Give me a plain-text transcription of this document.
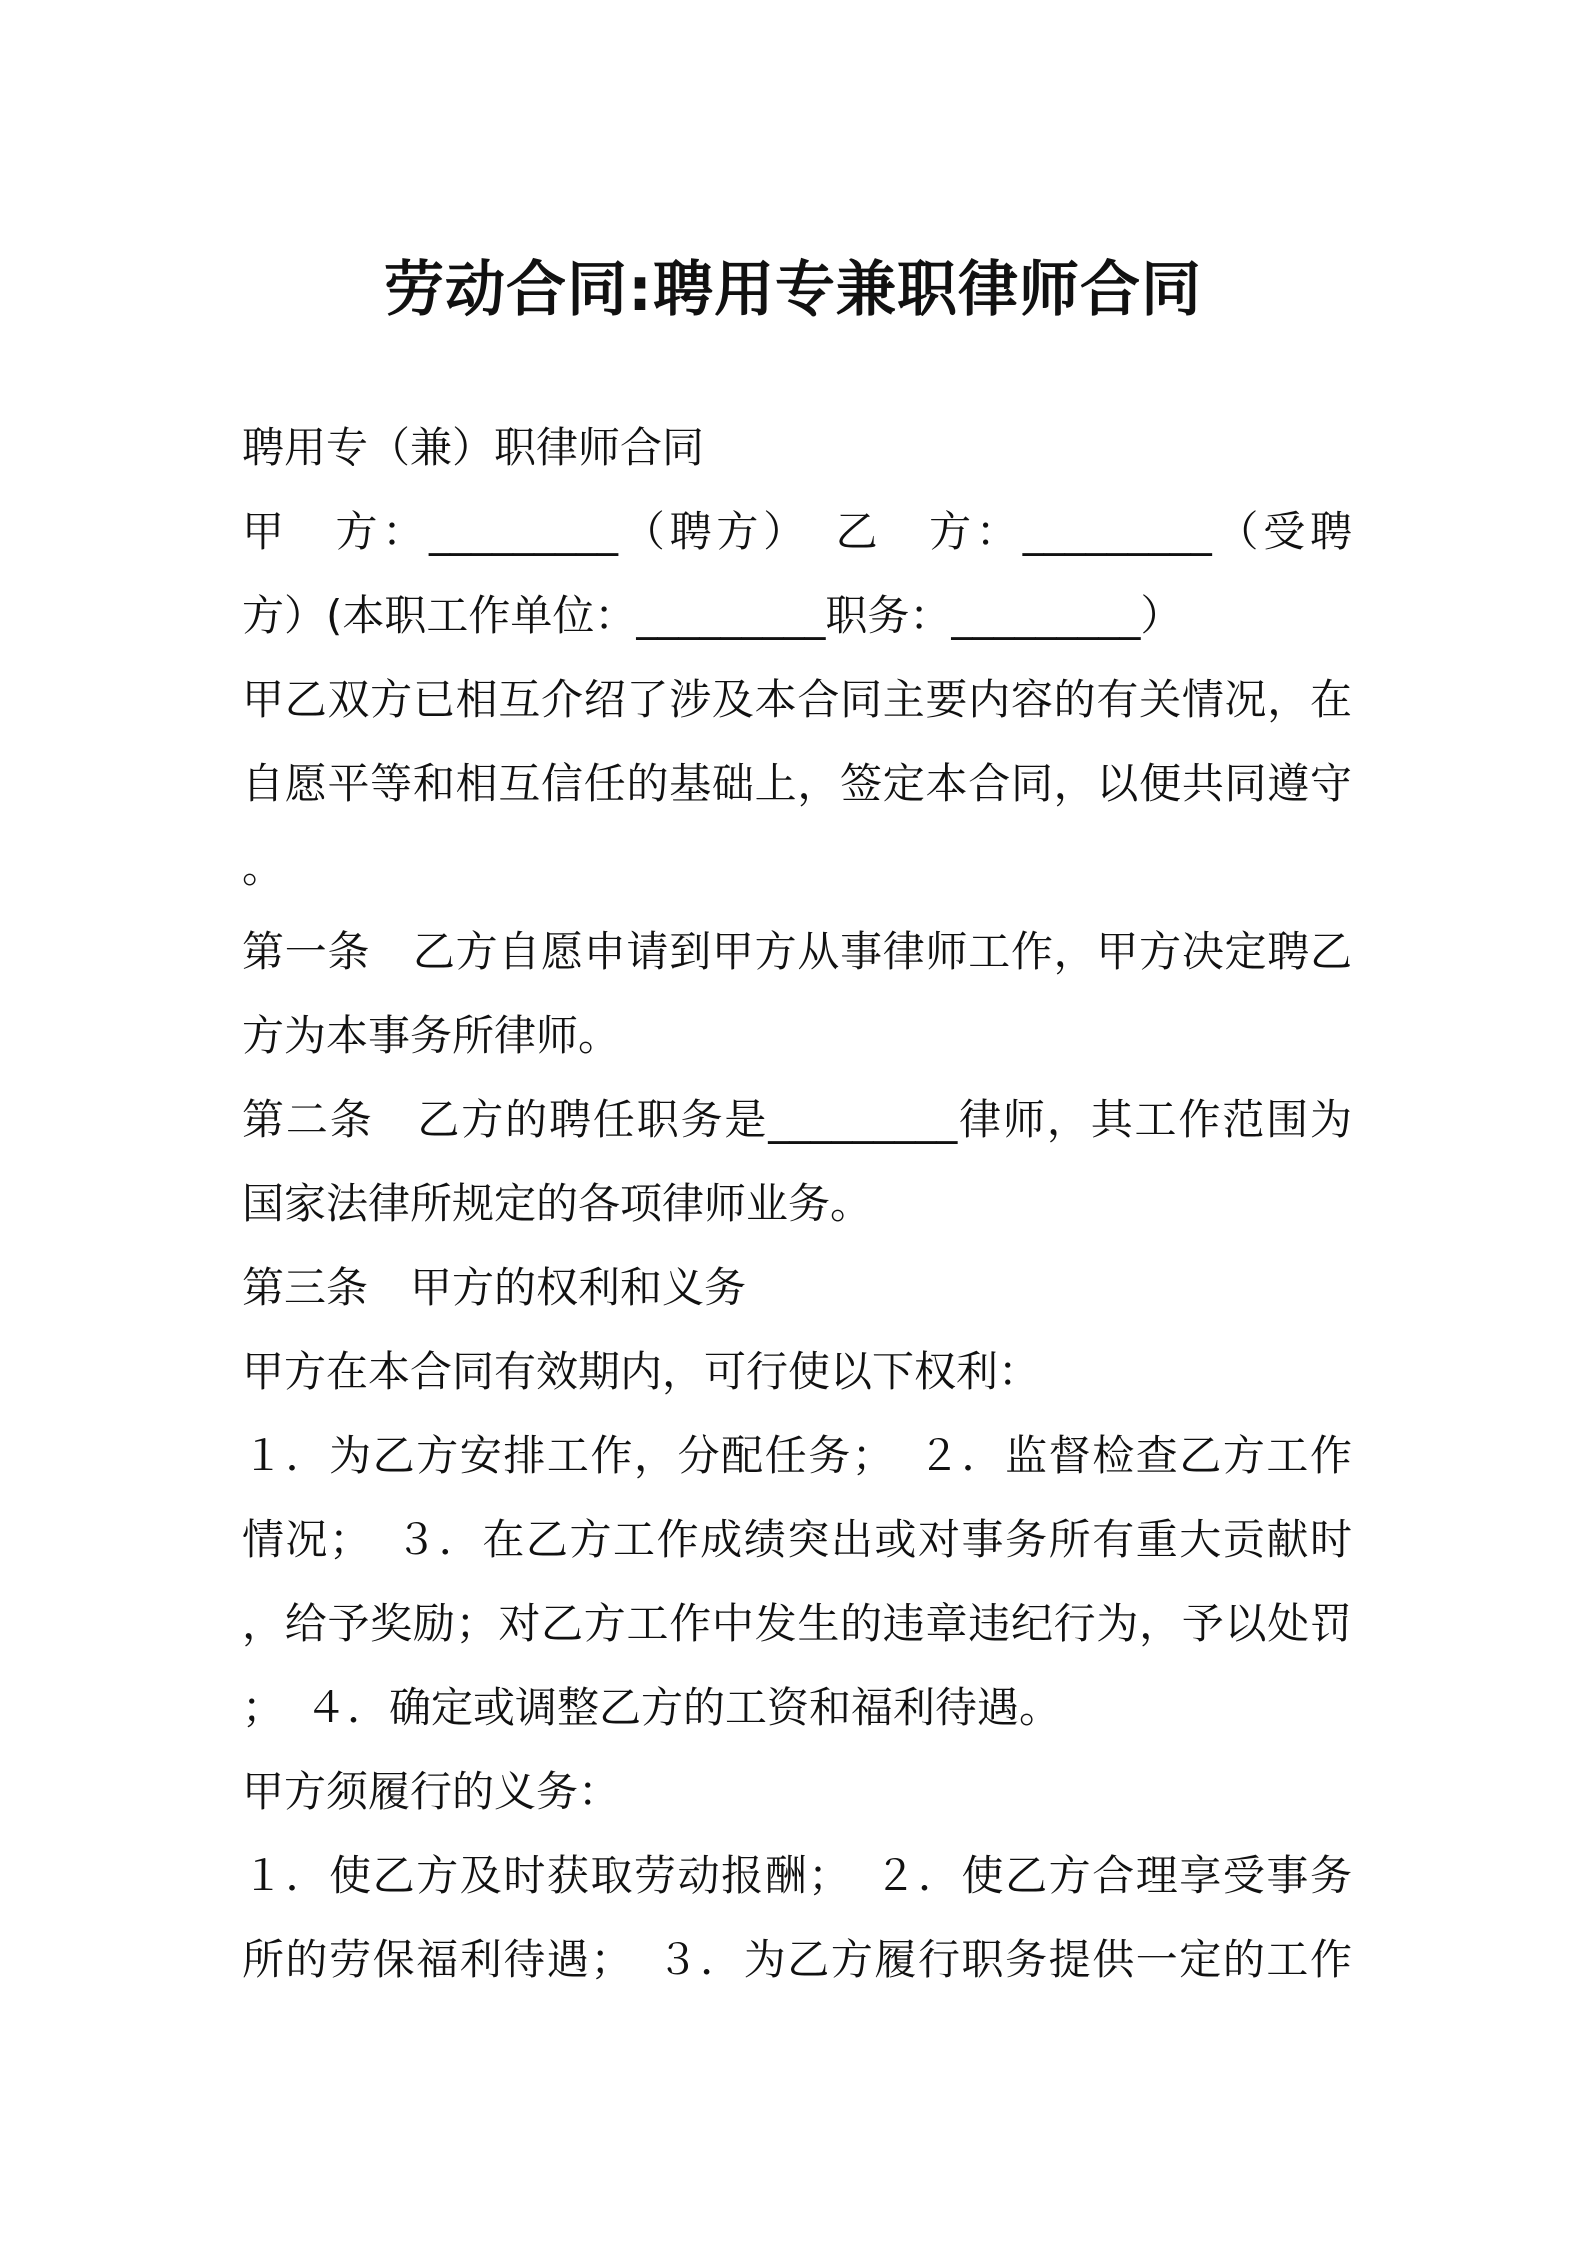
劳动合同:聘用专兼职律师合同
聘用专（兼）职律师合同
甲　方：_________（聘方）　乙　方：_________（受聘
方）(本职工作单位：_________职务：_________）
甲乙双方已相互介绍了涉及本合同主要内容的有关情况，在
自愿平等和相互信任的基础上，签定本合同，以便共同遵守
。
第一条　乙方自愿申请到甲方从事律师工作，甲方决定聘乙
方为本事务所律师。
第二条　乙方的聘任职务是_________律师，其工作范围为
国家法律所规定的各项律师业务。
第三条　甲方的权利和义务
甲方在本合同有效期内，可行使以下权利：
１．为乙方安排工作，分配任务；　２．监督检查乙方工作
情况；　３．在乙方工作成绩突出或对事务所有重大贡献时
，给予奖励；对乙方工作中发生的违章违纪行为，予以处罚
；　４．确定或调整乙方的工资和福利待遇。
甲方须履行的义务：
１．使乙方及时获取劳动报酬；　２．使乙方合理享受事务
所的劳保福利待遇；　３．为乙方履行职务提供一定的工作
